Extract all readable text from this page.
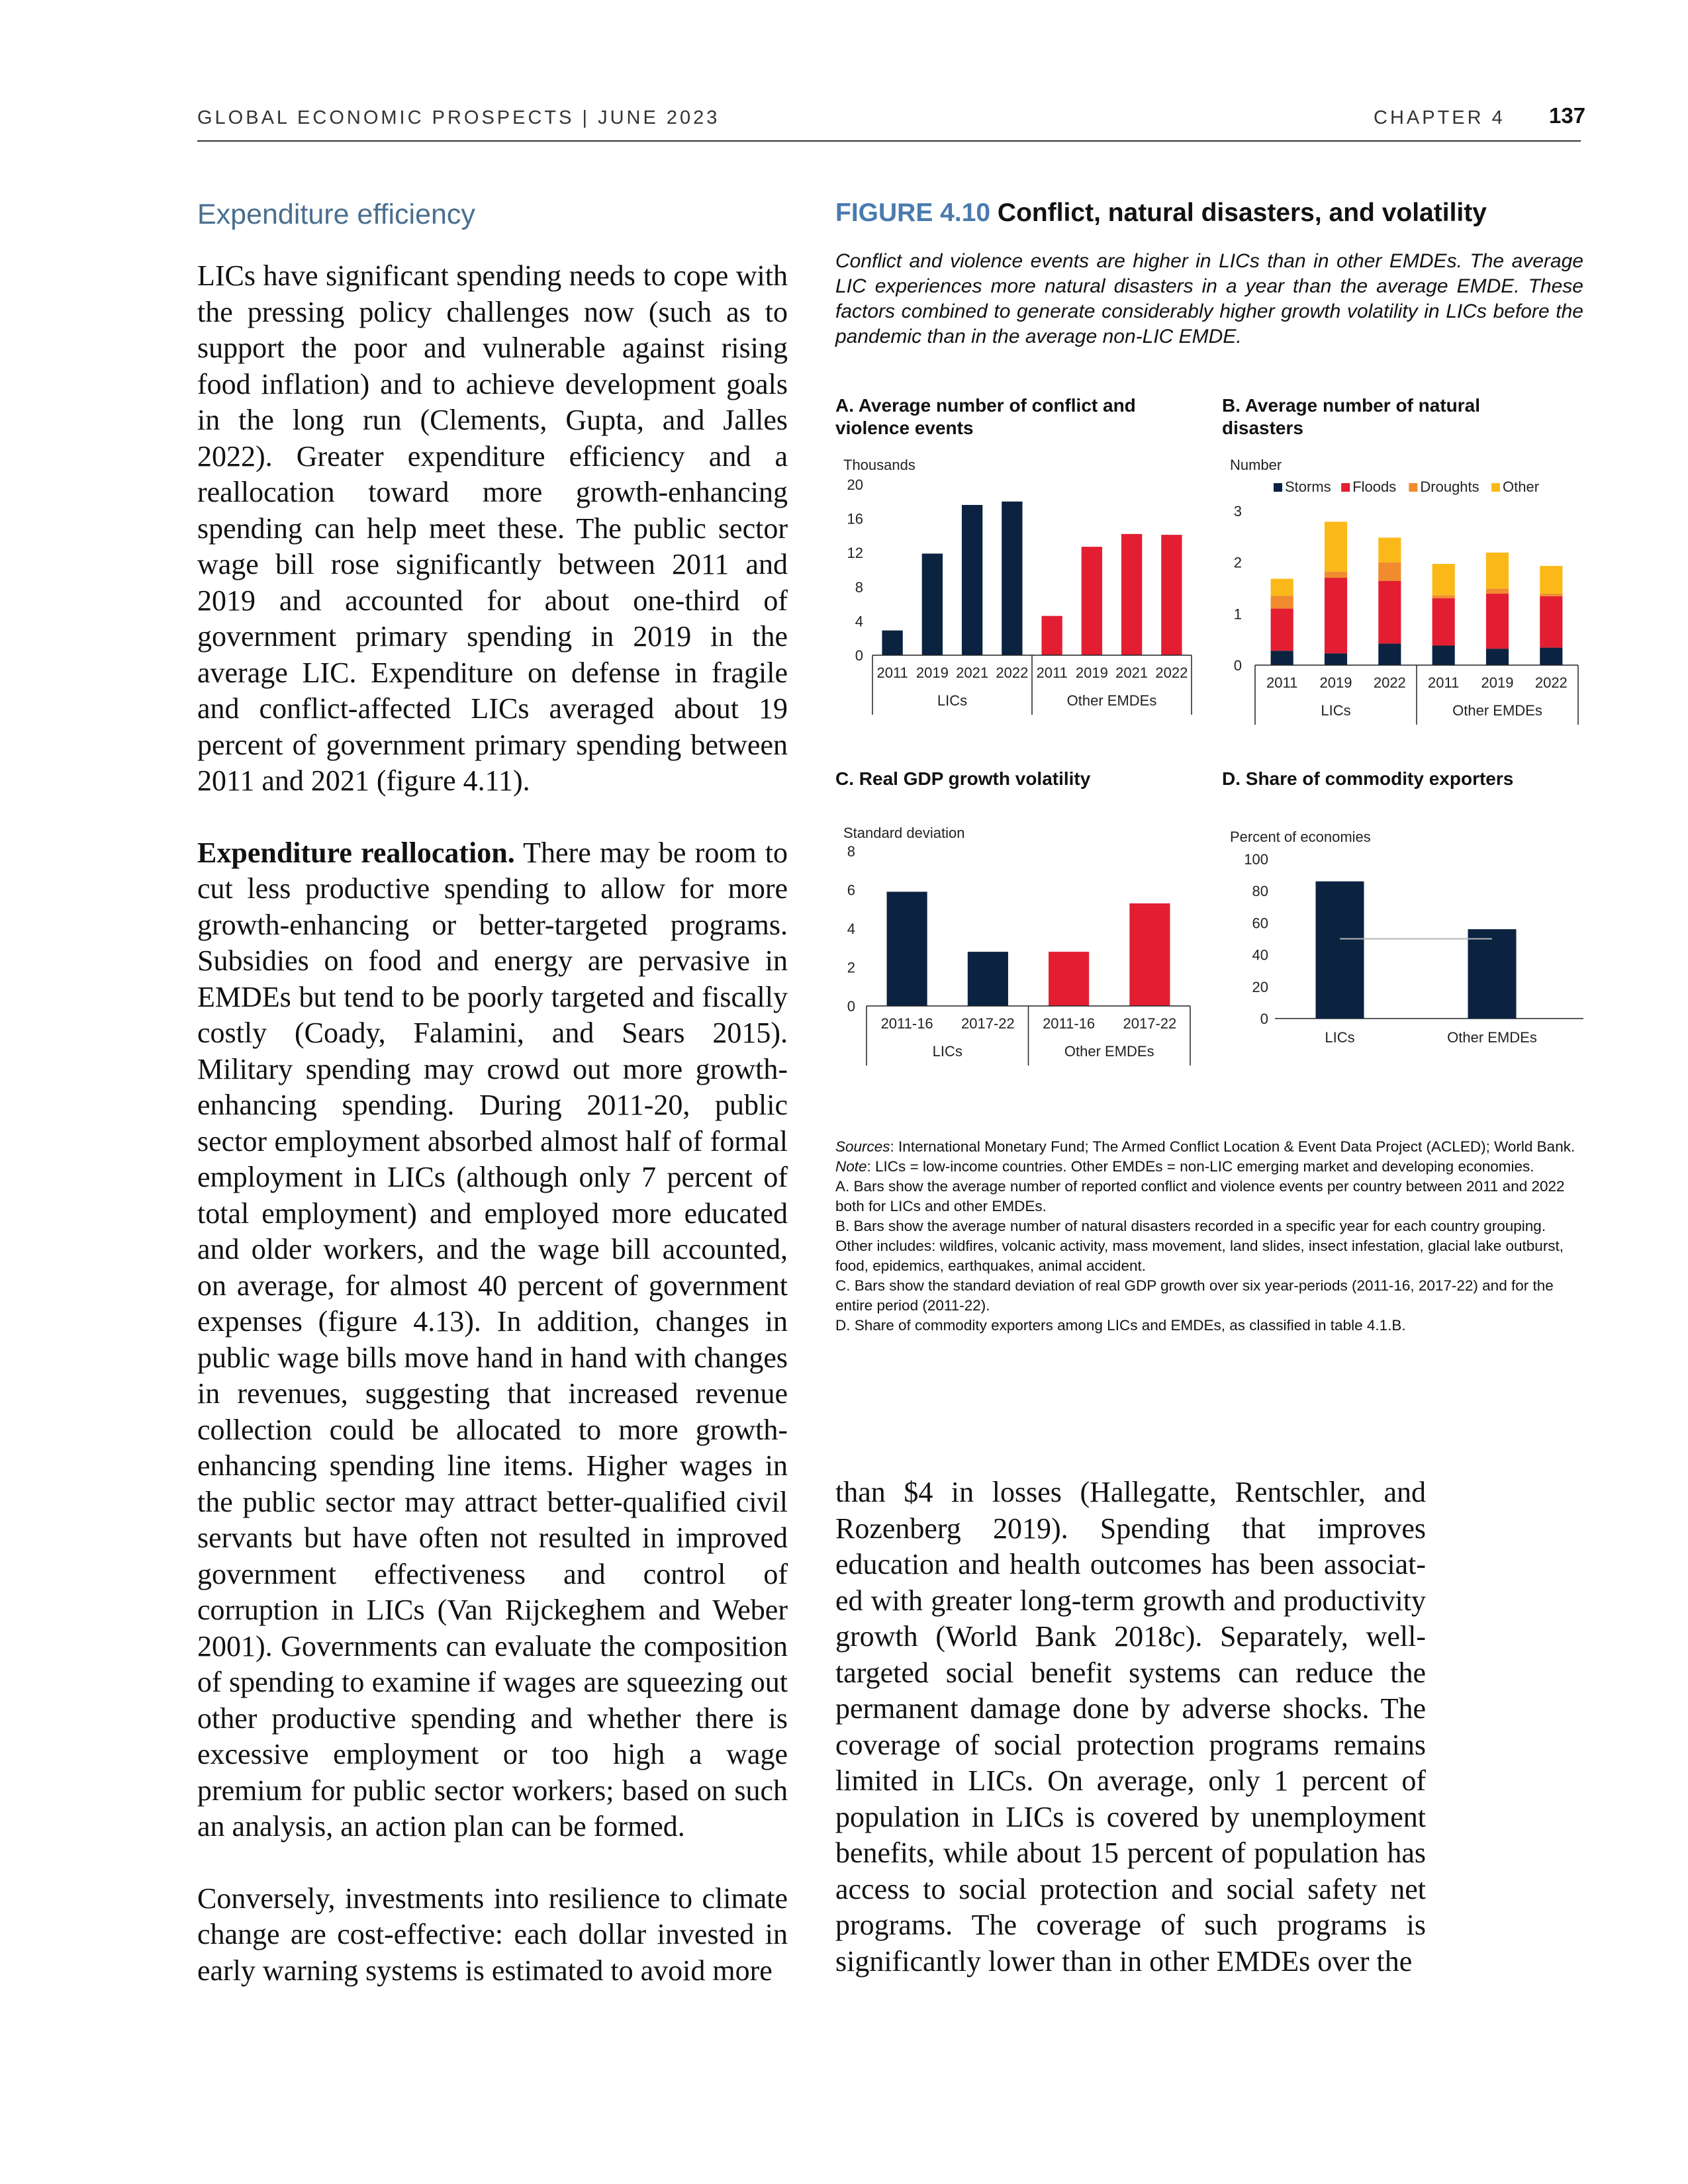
GLOBAL ECONOMIC PROSPECTS | JUNE 2023	CHAPTER 4 137
Expenditure efficiency

LICs have significant spending needs to cope with the pressing policy challenges now (such as to support the poor and vulnerable against rising food inflation) and to achieve development goals in the long run (Clements, Gupta, and Jalles 2022). Greater expenditure efficiency and a reallocation toward more growth-enhancing spending can help meet these. The public sector wage bill rose significantly between 2011 and 2019 and accounted for about one-third of government primary spending in 2019 in the average LIC. Expenditure on defense in fragile and conflict-affected LICs averaged about 19 percent of government primary spending between 2011 and 2021 (figure 4.11).

Expenditure reallocation. There may be room to cut less productive spending to allow for more growth-enhancing or better-targeted programs. Subsidies on food and energy are pervasive in EMDEs but tend to be poorly targeted and fiscally costly (Coady, Falamini, and Sears 2015). Military spending may crowd out more growth-enhancing spending. During 2011-20, public sector employment absorbed almost half of formal employment in LICs (although only 7 percent of total employment) and employed more educated and older workers, and the wage bill accounted, on average, for almost 40 percent of government expenses (figure 4.13). In addition, changes in public wage bills move hand in hand with changes in revenues, suggesting that increased revenue collection could be allocated to more growth-enhancing spending line items. Higher wages in the public sector may attract better-qualified civil servants but have often not resulted in improved government effectiveness and control of corruption in LICs (Van Rijckeghem and Weber 2001). Governments can evaluate the composition of spending to examine if wages are squeezing out other productive spending and whether there is excessive employment or too high a wage premium for public sector workers; based on such an analysis, an action plan can be formed.

Conversely, investments into resilience to climate change are cost-effective: each dollar invested in early warning systems is estimated to avoid more

FIGURE 4.10 Conflict, natural disasters, and volatility
Conflict and violence events are higher in LICs than in other EMDEs. The average LIC experiences more natural disasters in a year than the average EMDE. These factors combined to generate considerably higher growth volatility in LICs before the pandemic than in the average non-LIC EMDE.
A. Average number of conflict and violence events
B. Average number of natural disasters
C. Real GDP growth volatility	D. Share of commodity exporters
Thousands
0
4
8
12
16
20
2011 2019 2021 2022 2011 2019 2021 2022
LICs	Other EMDEs
Number
0
1
2
3
Storms Floods Droughts Other
2011 2019 2022 2011 2019 2022
LICs	Other EMDEs
Standard deviation
0
2
4
6
8
2011-16 2017-22 2011-16 2017-22
LICs	Other EMDEs
Percent of economies
0
20
40
60
80
100
LICs	Other EMDEs
Sources: International Monetary Fund; The Armed Conflict Location & Event Data Project (ACLED); World Bank.
Note: LICs = low-income countries. Other EMDEs = non-LIC emerging market and developing economies.
A. Bars show the average number of reported conflict and violence events per country between 2011 and 2022 both for LICs and other EMDEs.
B. Bars show the average number of natural disasters recorded in a specific year for each country grouping. Other includes: wildfires, volcanic activity, mass movement, land slides, insect infestation, glacial lake outburst, food, epidemics, earthquakes, animal accident.
C. Bars show the standard deviation of real GDP growth over six year-periods (2011-16, 2017-22) and for the entire period (2011-22).
D. Share of commodity exporters among LICs and EMDEs, as classified in table 4.1.B.

than $4 in losses (Hallegatte, Rentschler, and Rozenberg 2019). Spending that improves education and health outcomes has been associated with greater long-term growth and productivity growth (World Bank 2018c). Separately, well-targeted social benefit systems can reduce the permanent damage done by adverse shocks. The coverage of social protection programs remains limited in LICs. On average, only 1 percent of population in LICs is covered by unemployment benefits, while about 15 percent of population has access to social protection and social safety net programs. The coverage of such programs is significantly lower than in other EMDEs over the
